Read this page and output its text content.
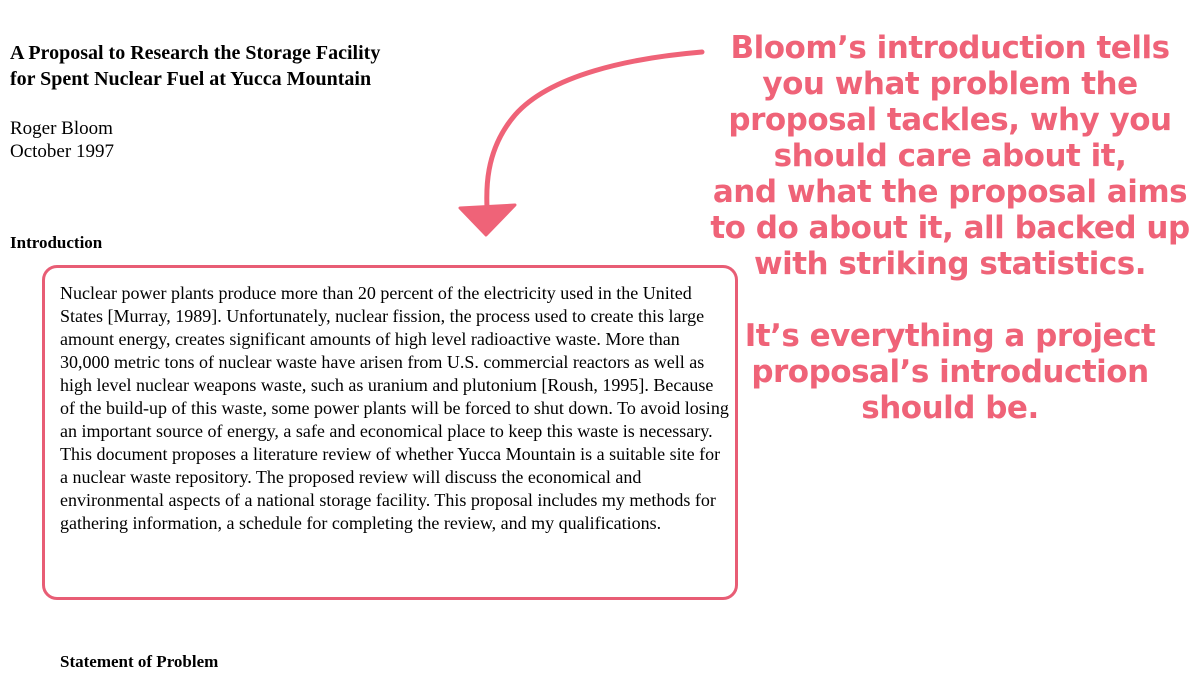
A Proposal to Research the Storage Facility
for Spent Nuclear Fuel at Yucca Mountain
Roger Bloom
October 1997
Introduction

Nuclear power plants produce more than 20 percent of the electricity used in the United States [Murray, 1989]. Unfortunately, nuclear fission, the process used to create this large amount energy, creates significant amounts of high level radioactive waste. More than 30,000 metric tons of nuclear waste have arisen from U.S. commercial reactors as well as high level nuclear weapons waste, such as uranium and plutonium [Roush, 1995]. Because of the build-up of this waste, some power plants will be forced to shut down. To avoid losing an important source of energy, a safe and economical place to keep this waste is necessary. This document proposes a literature review of whether Yucca Mountain is a suitable site for a nuclear waste repository. The proposed review will discuss the economical and environmental aspects of a national storage facility. This proposal includes my methods for gathering information, a schedule for completing the review, and my qualifications.

Statement of Problem
Bloom’s introduction tells
you what problem the
proposal tackles, why you
should care about it,
and what the proposal aims
to do about it, all backed up
with striking statistics.
It’s everything a project
proposal’s introduction
should be.
